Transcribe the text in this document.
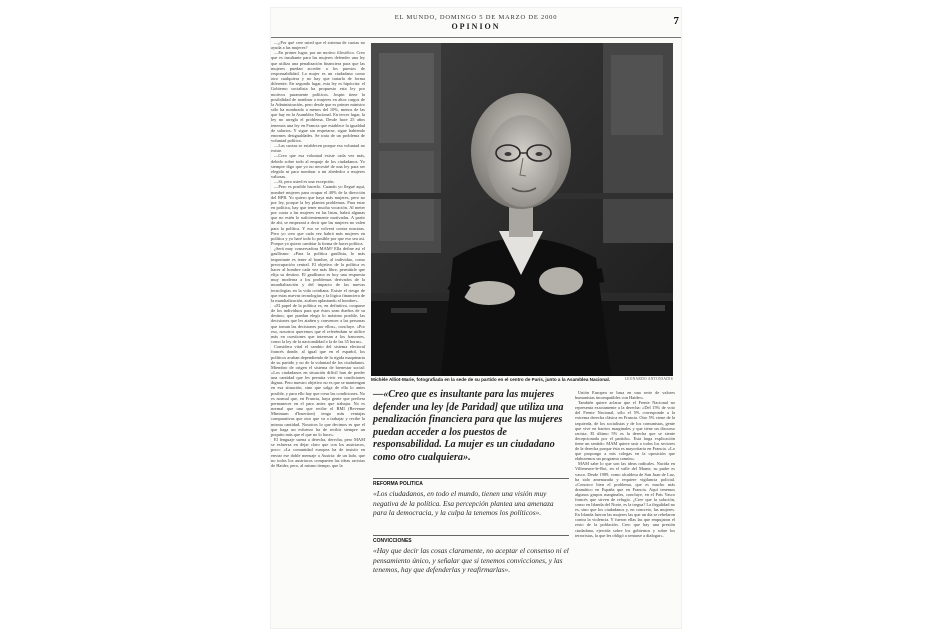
EL MUNDO, DOMINGO 5 DE MARZO DE 2000
OPINION	7

—¿Por qué cree usted que el sistema de cuotas no ayuda a las mujeres?

—En primer lugar, por un motivo filosófico. Creo que es insultante para las mujeres defender una ley que utiliza una penalización financiera para que las mujeres puedan acceder a los puestos de responsabilidad. La mujer es un ciudadano como otro cualquiera y no hay que tratarla de forma diferente. En segundo lugar, esta ley es hipócrita: el Gobierno socialista ha propuesto esta ley por motivos puramente políticos. Jospin tiene la posibilidad de nombrar a mujeres en altos cargos de la Administración, pero desde que es primer ministro sólo ha nombrado a menos del 10%, menos de las que hay en la Asamblea Nacional. En tercer lugar, la ley no arregla el problema. Desde hace 25 años tenemos una ley en Francia que establece la igualdad de salarios. Y sigue sin respetarse, sigue habiendo enormes desigualdades. Se trata de un problema de voluntad política.

—Las cuotas se establecen porque esa voluntad no existe.

—Creo que esa voluntad existe cada vez más, debido sobre todo al empuje de los ciudadanos. Yo siempre digo que yo no necesité de una ley para ser elegida ni para nombrar a mi alrededor a mujeres valiosas.

—Sí, pero usted es una excepción.

—Pero es posible hacerlo. Cuando yo llegué aquí, nombré mujeres para ocupar el 40% de la dirección del RPR. Yo quiero que haya más mujeres, pero no por ley, porque la ley plantea problemas. Para estar en política, hay que tener mucha vocación. Al meter por cuota a las mujeres en las listas, habrá algunas que no estén lo suficientemente motivadas. A partir de ahí, se empezará a decir que las mujeres no valen para la política. Y eso se volverá contra nosotras. Pero yo creo que cada vez habrá más mujeres en política y yo haré todo lo posible por que eso sea así. Porque yo quiero cambiar la forma de hacer política.

¿Será muy conservadora MAM? Ella define así el gaullismo: «Para la política gaullista, lo más importante es tener al hombre, al individuo, como preocupación central. El objetivo de la política es hacer al hombre cada vez más libre, permitirle que elija su destino. El gaullismo es hoy una respuesta muy moderna a los problemas derivados de la mundialización y del impacto de las nuevas tecnologías en la vida cotidiana. Existe el riesgo de que estas nuevas tecnologías y la lógica financiera de la mundialización, acaben aplastando al hombre».

«El papel de la política es, en definitiva, ocuparse de los individuos para que éstos sean dueños de su destino, que puedan elegir lo máximo posible, las decisiones que les atañen y convencer a las personas que toman las decisiones por ellos», concluye. «Por eso, nosotros queremos que el referéndum se utilice más en cuestiones que interesan a los franceses, como la ley de la nacionalidad o la de las 35 horas».

Considera vital el cambio del sistema electoral francés donde, al igual que en el español, los políticos acaban dependiendo de la rígida maquinaria de su partido y no de la voluntad de los ciudadanos. Miembro de origen el sistema de bienestar social: «Los ciudadanos en situación difícil han de perder una cantidad que les permita vivir en condiciones dignas. Pero nuestro objetivo no es que se mantengan en esa situación, sino que salga de ella lo antes posible, y para ello hay que crear las condiciones. No es normal que, en Francia, haya gente que prefiera permanecer en el paro antes que trabajar. No es normal que una que recibe el RMI (Revenue Minimum d'Insertion) tenga más ventajas comparativas que otro que va a trabajar y recibe la misma cantidad. Nosotros lo que decimos es que el que haga un esfuerzo ha de recibir siempre un poquito más que el que no lo hace».

El lenguaje suena a derecha, derecha, pero MAM se esfuerza en dejar claro que con los austriacos, poco: «La comunidad europea ha de insistir en enviar ese doble mensaje a Austria: de un lado, que no todos los austriacos comparten las ideas racistas de Haider, pero, al mismo tiempo, que la

LEONARDO ANTONIADIS
Michèle Alliot-Marie, fotografiada en la sede de su partido en el centro de París, junto a la Asamblea Nacional.
—«Creo que es insultante para las mujeres defender una ley [de Paridad] que utiliza una penalización financiera para que las mujeres puedan acceder a los puestos de responsabilidad. La mujer es un ciudadano como otro cualquiera».
REFORMA POLITICA
«Los ciudadanos, en todo el mundo, tienen una visión muy negativa de la política. Esa percepción plantea una amenaza para la democracia, y la culpa la tenemos los políticos».
CONVICCIONES
«Hay que decir las cosas claramente, no aceptar el consenso ni el pensamiento único, y señalar que si tenemos convicciones, y las tenemos, hay que defenderlas y reafirmarlas».

Unión Europea se basa en una serie de valores humanistas incompatibles con Haider».

También quiere aclarar que el Frente Nacional no representa exactamente a la derecha: «Del 15% de voto del Frente Nacional, sólo el 5% corresponde a la extrema derecha clásica en Francia. Otro 5% viene de la izquierda, de los socialistas y de los comunistas, gente que vive en barrios marginales y que tiene un discurso racista. El último 5% es la derecha que se siente decepcionada por el partido». Esta larga explicación tiene un sentido: MAM quiere unir a todos los sectores de la derecha porque ésta es mayoritaria en Francia. «Lo que propongo a mis colegas en la oposición que elaboremos un programa común».

MAM sabe lo que son las ideas radicales. Nacida en Villeneuve-le-Roi, en el valle del Marne, su padre es vasco. Desde 1989, como alcaldesa de San Juan de Luz, ha sido amenazada y requiere vigilancia policial. «Conozco bien el problema, que es mucho más dramático en España que en Francia. Aquí tenemos algunos grupos marginales, concluye, en el País Vasco francés que sirven de refugio. ¿Cree que la solución, como en Irlanda del Norte, es la tregua? La ilegalidad no es, sino que los ciudadanos y, en concreto, las mujeres. En Irlanda fueron las mujeres las que un día se rebelaron contra la violencia. Y fueron ellas las que empujaron el resto de la población. Creo que hay una presión ciudadana, ejercida sobre los gobiernos y sobre los terroristas, la que les obligó a sentarse a dialogar».
